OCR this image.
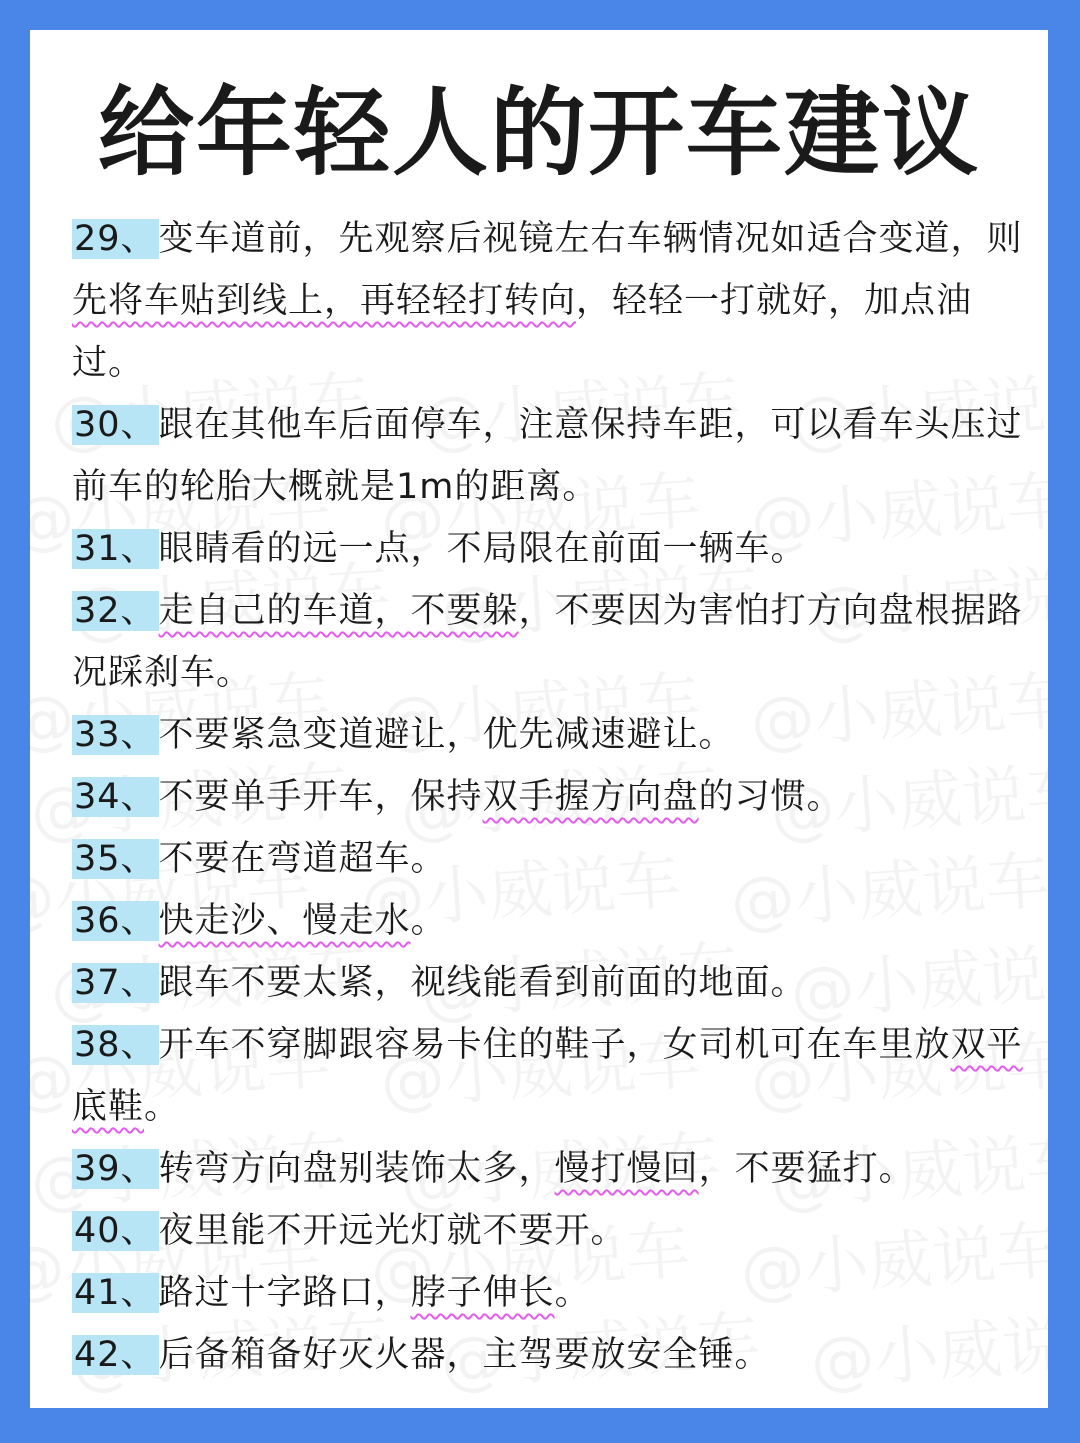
给年轻人的开车建议
29、变车道前，先观察后视镜左右车辆情况如适合变道，则先将车贴到线上，再轻轻打转向，轻轻一打就好，加点油过。
30、跟在其他车后面停车，注意保持车距，可以看车头压过前车的轮胎大概就是1m的距离。
31、眼睛看的远一点，不局限在前面一辆车。
32、走自己的车道，不要躲，不要因为害怕打方向盘根据路况踩刹车。
33、不要紧急变道避让，优先减速避让。
34、不要单手开车，保持双手握方向盘的习惯。
35、不要在弯道超车。
36、快走沙、慢走水。
37、跟车不要太紧，视线能看到前面的地面。
38、开车不穿脚跟容易卡住的鞋子，女司机可在车里放双平底鞋。
39、转弯方向盘别装饰太多，慢打慢回，不要猛打。
40、夜里能不开远光灯就不要开。
41、路过十字路口，脖子伸长。
42、后备箱备好灭火器，主驾要放安全锤。
